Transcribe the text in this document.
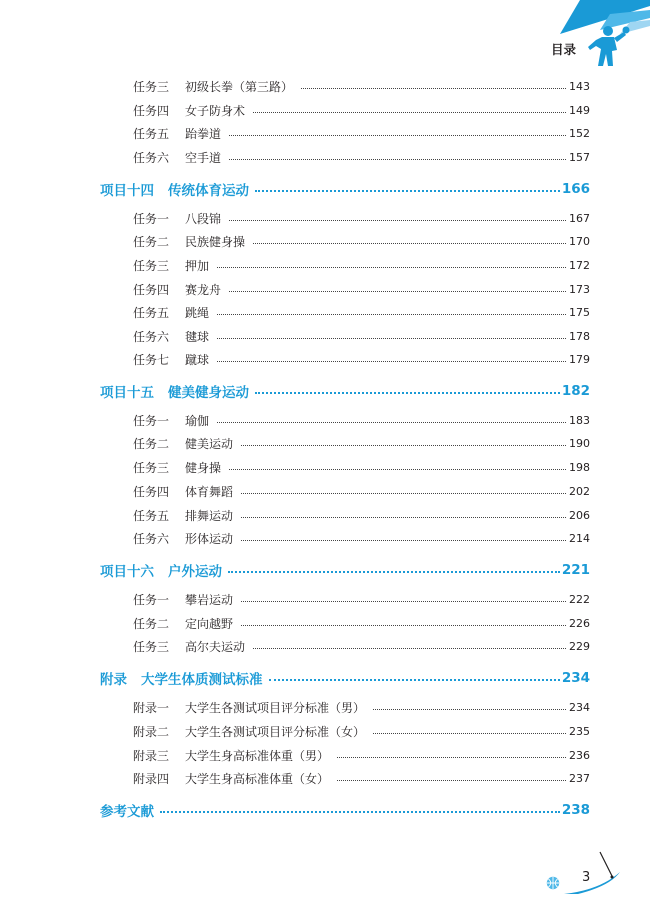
目录
任务三	初级长拳（第三路）	143
任务四	女子防身术	149
任务五	跆拳道	152
任务六	空手道	157
项目十四 传统体育运动	166
任务一	八段锦	167
任务二	民族健身操	170
任务三	押加	172
任务四	赛龙舟	173
任务五	跳绳	175
任务六	毽球	178
任务七	蹴球	179
项目十五 健美健身运动	182
任务一	瑜伽	183
任务二	健美运动	190
任务三	健身操	198
任务四	体育舞蹈	202
任务五	排舞运动	206
任务六	形体运动	214
项目十六 户外运动	221
任务一	攀岩运动	222
任务二	定向越野	226
任务三	高尔夫运动	229
附录 大学生体质测试标准	234
附录一	大学生各测试项目评分标准（男）	234
附录二	大学生各测试项目评分标准（女）	235
附录三	大学生身高标准体重（男）	236
附录四	大学生身高标准体重（女）	237
参考文献	238
3
